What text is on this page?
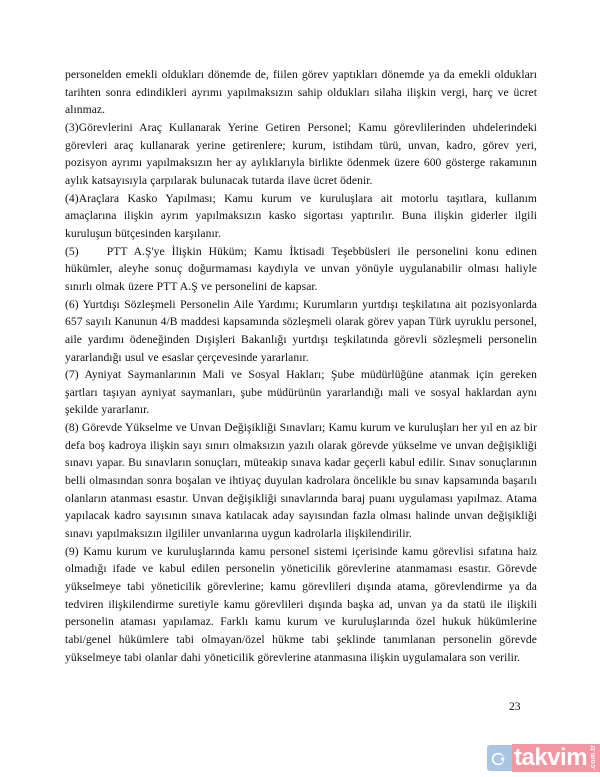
personelden emekli oldukları dönemde de, fiilen görev yaptıkları dönemde ya da emekli oldukları tarihten sonra edindikleri ayrımı yapılmaksızın sahip oldukları silaha ilişkin vergi, harç ve ücret alınmaz.

(3)Görevlerini Araç Kullanarak Yerine Getiren Personel; Kamu görevlilerinden uhdelerindeki görevleri araç kullanarak yerine getirenlere; kurum, istihdam türü, unvan, kadro, görev yeri, pozisyon ayrımı yapılmaksızın her ay aylıklarıyla birlikte ödenmek üzere 600 gösterge rakamının aylık katsayısıyla çarpılarak bulunacak tutarda ilave ücret ödenir.

(4)Araçlara Kasko Yapılması; Kamu kurum ve kuruluşlara ait motorlu taşıtlara, kullanım amaçlarına ilişkin ayrım yapılmaksızın kasko sigortası yaptırılır. Buna ilişkin giderler ilgili kuruluşun bütçesinden karşılanır.

(5) PTT A.Ş'ye İlişkin Hüküm; Kamu İktisadi Teşebbüsleri ile personelini konu edinen hükümler, aleyhe sonuç doğurmaması kaydıyla ve unvan yönüyle uygulanabilir olması haliyle sınırlı olmak üzere PTT A.Ş ve personelini de kapsar.

(6) Yurtdışı Sözleşmeli Personelin Aile Yardımı; Kurumların yurtdışı teşkilatına ait pozisyonlarda 657 sayılı Kanunun 4/B maddesi kapsamında sözleşmeli olarak görev yapan Türk uyruklu personel, aile yardımı ödeneğinden Dışişleri Bakanlığı yurtdışı teşkilatında görevli sözleşmeli personelin yararlandığı usul ve esaslar çerçevesinde yararlanır.

(7) Ayniyat Saymanlarının Mali ve Sosyal Hakları; Şube müdürlüğüne atanmak için gereken şartları taşıyan ayniyat saymanları, şube müdürünün yararlandığı mali ve sosyal haklardan aynı şekilde yararlanır.

(8) Görevde Yükselme ve Unvan Değişikliği Sınavları; Kamu kurum ve kuruluşları her yıl en az bir defa boş kadroya ilişkin sayı sınırı olmaksızın yazılı olarak görevde yükselme ve unvan değişikliği sınavı yapar. Bu sınavların sonuçları, müteakip sınava kadar geçerli kabul edilir. Sınav sonuçlarının belli olmasından sonra boşalan ve ihtiyaç duyulan kadrolara öncelikle bu sınav kapsamında başarılı olanların atanması esastır. Unvan değişikliği sınavlarında baraj puanı uygulaması yapılmaz. Atama yapılacak kadro sayısının sınava katılacak aday sayısından fazla olması halinde unvan değişikliği sınavı yapılmaksızın ilgililer unvanlarına uygun kadrolarla ilişkilendirilir.

(9) Kamu kurum ve kuruluşlarında kamu personel sistemi içerisinde kamu görevlisi sıfatına haiz olmadığı ifade ve kabul edilen personelin yöneticilik görevlerine atanmaması esastır. Görevde yükselmeye tabi yöneticilik görevlerine; kamu görevlileri dışında atama, görevlendirme ya da tedviren ilişkilendirme suretiyle kamu görevlileri dışında başka ad, unvan ya da statü ile ilişkili personelin ataması yapılamaz. Farklı kamu kurum ve kuruluşlarında özel hukuk hükümlerine tabi/genel hükümlere tabi olmayan/özel hükme tabi şeklinde tanımlanan personelin görevde yükselmeye tabi olanlar dahi yöneticilik görevlerine atanmasına ilişkin uygulamalara son verilir.

23
takvim .com.tr
